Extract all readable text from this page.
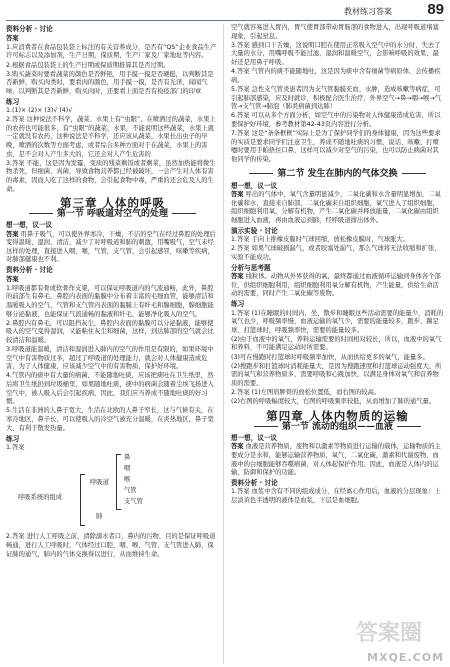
教材练习答案 89

资料分析 · 讨论

答案

1.应消费者在食品包装袋上标注的有关营养成分，是否有“QS”企业食品生产许可标志以及添加剂，生产日期，保质期，生产厂家及厂家地址等内容。

2.根据食品包装袋上的生产日期或保质期推算其是否过期。

3.购买蔬菜时要看蔬菜的颜色是否鲜艳，用手摸一摸是否硬挺，以判断其是否新鲜，购买肉类时，要看肉的颜色，用手摸一摸，是否有光泽，闻闻气味，以判断其是否新鲜，购买肉时，还要看上面是否有检疫部门的印章

练习

1.(1)× (2)× (3)√ (4)√

2.答案 这种说法不科学，蔬菜、水果上有“虫眼”，在喷洒过的蔬菜，水果上的农药也可能很多，有“虫眼”的蔬菜，水果，不能说明这些蔬菜，水果上就一定就没有农药，这种说法是不科学，还应该从蔬菜，水果长出虫子的早晚，喷洒的次数等方面考虑，或者综合多种方面对于在蔬菜，水果上的害虫，是不会对人产生多大的，它还会对人产生危害的

3.答案 不能，这是因为发霉，变质的残菜剩饭或者剩菜，虽然加热能将微生物杀死，但细菌、真菌，导致食物营养都已经被破坏，一会产生对人体有害的毒素，因而人吃了这样的食物，会引起食物中毒，严重的还会危及人的生命。

第三章 人体的呼吸
第一节 呼吸道对空气的处理

想一想，议一议

答案 用鼻子吸气，可以使外界寒冷，干燥，不洁的空气在经过鼻腔的处理后变得温暖、湿润、清洁，减少了对呼吸道和肺的刺激，用嘴吸气，空气未经这样的处理，直接进入咽，喉，气管，支气管，会引起感冒，咳嗽等疾病，对肺部健康也不利。

资料分析 · 讨论

答案

1.呼吸道都有骨或软骨作支架，可以保证呼吸道内的气流通畅，此外，鼻腔的前部生有鼻毛，鼻腔内表面的黏膜中分布着丰富的毛细血管，能够清洁和温暖吸入的空气，气管和支气管内表面的黏膜上有纤毛和腺细胞，腺细胞能够分泌黏液，也能保证气流通畅的黏液和纤毛，能够净化吸入的空气。

2.鼻腔内有鼻毛，可以阻挡灰尘，鼻腔内表面的黏膜可以分泌黏液，能够使吸入的空气变得湿润，又能粘住灰尘和细菌，这样，到达肺部的空气就会比较清洁和温暖。

3.呼吸道能温暖，清洁和湿润进入肺内的空气的作用是有限的，如果环境中空气中有害物质过多，超过了呼吸道的处理能力，就会对人体健康造成危害，为了人体健康，应该减少空气中的有害物质，保护好环境。

4.气管内的痰中有大量的病菌，不能随地吐痰，应该把痰吐在卫生纸里，然后将卫生纸扔到垃圾桶里，如果随地吐痰，痰中的病菌会随着尘埃飞扬进入空气中，被人吸入后会引起疾病，因此，我们应当养成不随地吐痰的好习惯。

5.生活在非洲的人鼻子宽大，生活在北欧的人鼻子窄长，这与气候有关，在寒冷地区，鼻子长，可以使吸入的冷空气被充分温暖，在炎热地区，鼻子宽大，有利于散发热量。

练习

1.答案

呼吸系统的组成
呼吸道
肺
鼻
咽
喉
气管
支气管

2.答案 进行人工呼吸之前，清除溺水者口、鼻内的污物，目的是保证呼吸道畅通，进行人工呼吸时，气体经过口腔、咽、喉、气管、支气管进入肺，保证肺的通气，肺内的气体交换得以进行，从而维持生命。

空气就容易进入胃内，胃气使胃部带动胃肠部的食物进入，出现呼吸道堵塞现象，引起窒息。

3.答案 感到口干舌燥，这说明口腔在使用正常吸入空气中的水分时，失去了大量的水分，用嘴呼吸不能过滤，湿润和温暖空气，会影响呼吸的效果，最好还是用鼻子呼吸。

4.答案 气管内的痰不能随地吐，这是因为痰中含有细菌等病原体，会传播疾病。

5.答案 急性支气管炎患者因为支气管黏膜充血、水肿，造成咳嗽等病症，可引起肺部感染，应及时就诊，积极配合医生治疗，外界空气→鼻→咽→喉→气管→支气管→肺泡（肺炎病菌到达肺）

6.答案 可以从多个方面分析，如空气中的污染物对人体健康造成危害，所以要保护好环境，参考教材第42-43页内容进行分析。

7.答案 这是“条条框框”实际上是为了保护同学们的身体健康，因为这些要求的实质是要求同学们注意卫生，养成不随地吐痰的习惯，说话、咳嗽、打喷嚏时要用手帕捂住口鼻，这样可以减少对空气的污染，也可以防止病菌对其他同学的传染。

第二节 发生在肺内的气体交换

想一想，议一议

答案 呼出的气体中，氧气含量明显减少，二氧化碳和水含量明显增加，二氧化碳和水，直接来自肺部，二氧化碳来自组织细胞，氧气进入了组织细胞，组织细胞利用氧，分解有机物，产生二氧化碳并释放能量，二氧化碳由组织细胞进入血液，再由血液运到肺，经呼吸道排出体外。

演示实验 · 讨论

1.答案 手向上推橡皮膜时气球回缩，放松橡皮膜时，气球胀大。

2.答案 如果气球破损漏气，或者胶塞处漏气，那么气球将无法收缩和扩张，实验不能成功。

分析与思考题

答案 线粒体。动物从外界获得的氧，最终都通过血液循环运输到身体各个部位，供组织细胞利用，组织细胞利用氧分解有机物，产生能量，供给生命活动的需要，同时产生二氧化碳等废物。

练习

1.答案 (1)在睡眠的时间内，坐、散步和睡眠这些活动需要的能量少，消耗的氧气也少，呼吸频率慢，血液运输的氧气少，需要的能量较多，跑步、踢足球、打篮球时，呼吸频率快，需要的能量较多。

(2)由于血液中的氧气，养料运输需要的时间相对较长，所以，血液中的氧气和养料，不可能满足运动时所需要。

(3)可在慢跑时打篮球时呼吸频率加快，从而供给更多的氧气，能量多。

(2)搜跑步和打篮球时消耗能量大，是因为搜跑速度和打篮球运动强度大，所需的氧气和营养物质多，需要呼吸和心跳加快，以满足身体对氧气和营养物质的需要。

2.答案 (1)左图肩胛骨的放松位置低，而右图的较高。

(2)右图的呼吸幅度较大，右图的呼吸频率较低，从而增加了肺的通气量。

第四章 人体内物质的运输
第一节 流动的组织——血液

想一想，议一议

答案 血液是营养物质，废物和以激素等物质进行运输的载体，运输物质的主要成分是水和，能够运输营养物质，氧气，二氧化碳，激素和代谢废物，血液中的白细胞能够吞噬病菌，对人体起保护作用。因此，血液是人体内的运输，防御和保护的功能。

资料分析 · 讨论

1.答案 血浆中含有不同的组成成分，在经离心作用后，血液的分层现象：上层淡黄色半透明的液体是血浆，下层是血细胞。

答案圈
MXQE.COM
